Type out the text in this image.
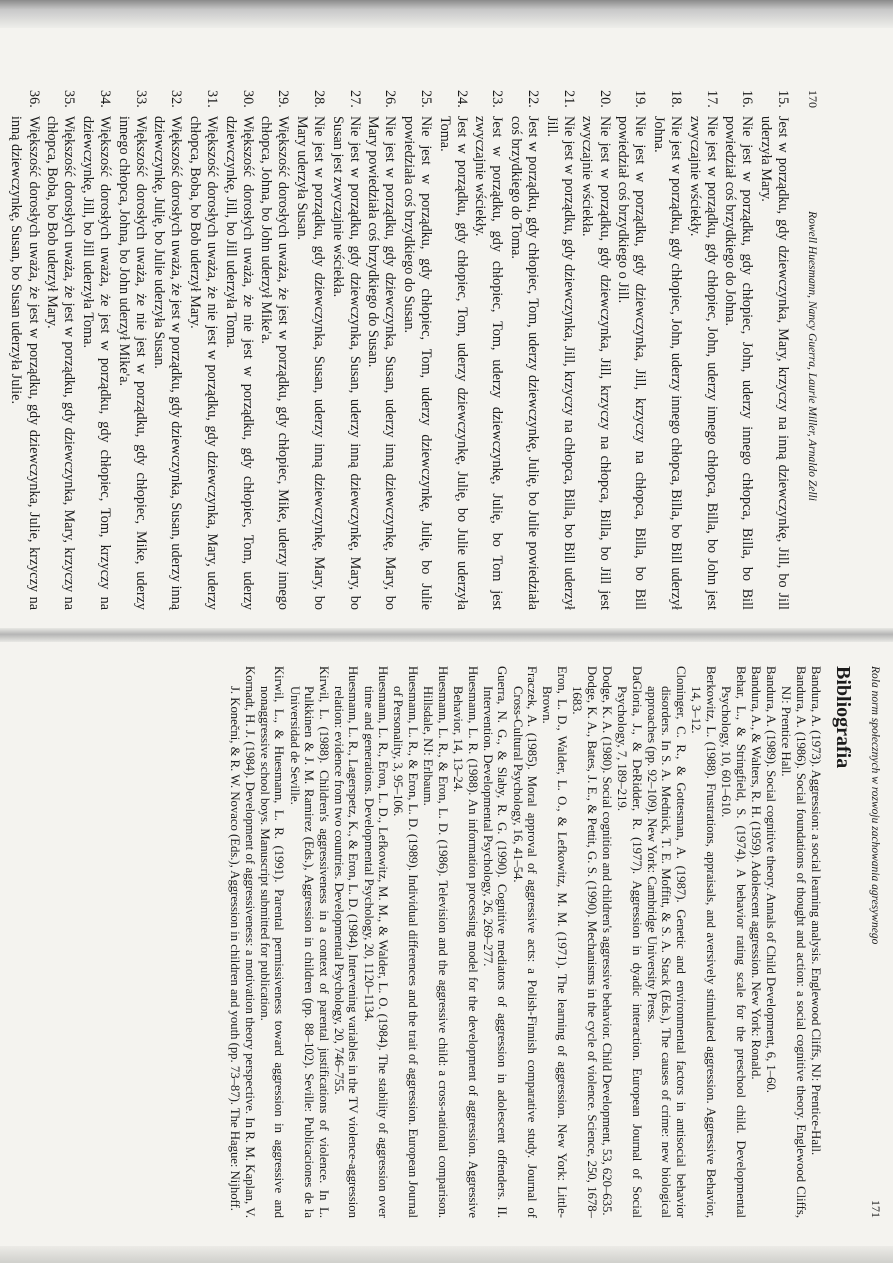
170
Rowell Huesmann, Nancy Guerra, Laurie Miller, Arnaldo Zelli
15.
Jest w porządku, gdy dziewczynka, Mary, krzyczy na inną dziewczynkę, Jill, bo Jill uderzyła Mary.
16.
Nie jest w porządku, gdy chłopiec, John, uderzy innego chłopca, Billa, bo Bill powiedział coś brzydkiego do Johna.
17.
Nie jest w porządku, gdy chłopiec, John, uderzy innego chłopca, Billa, bo John jest zwyczajnie wściekły.
18.
Nie jest w porządku, gdy chłopiec, John, uderzy innego chłopca, Billa, bo Bill uderzył Johna.
19.
Nie jest w porządku, gdy dziewczynka, Jill, krzyczy na chłopca, Billa, bo Bill powiedział coś brzydkiego o Jill.
20.
Nie jest w porządku, gdy dziewczynka, Jill, krzyczy na chłopca, Billa, bo Jill jest zwyczajnie wściekła.
21.
Nie jest w porządku, gdy dziewczynka, Jill, krzyczy na chłopca, Billa, bo Bill uderzył Jill.
22.
Jest w porządku, gdy chłopiec, Tom, uderzy dziewczynkę, Julię, bo Julie powiedziała coś brzydkiego do Toma.
23.
Jest w porządku, gdy chłopiec, Tom, uderzy dziewczynkę, Julię, bo Tom jest zwyczajnie wściekły.
24.
Jest w porządku, gdy chłopiec, Tom, uderzy dziewczynkę, Julię, bo Julie uderzyła Toma.
25.
Nie jest w porządku, gdy chłopiec, Tom, uderzy dziewczynkę, Julię, bo Julie powiedziała coś brzydkiego do Susan.
26.
Nie jest w porządku, gdy dziewczynka, Susan, uderzy inną dziewczynkę, Mary, bo Mary powiedziała coś brzydkiego do Susan.
27.
Nie jest w porządku, gdy dziewczynka, Susan, uderzy inną dziewczynkę, Mary, bo Susan jest zwyczajnie wściekła.
28.
Nie jest w porządku, gdy dziewczynka, Susan, uderzy inną dziewczynkę, Mary, bo Mary uderzyła Susan.
29.
Większość dorosłych uważa, że jest w porządku, gdy chłopiec, Mike, uderzy innego chłopca, Johna, bo John uderzył Mike'a.
30.
Większość dorosłych uważa, że nie jest w porządku, gdy chłopiec, Tom, uderzy dziewczynkę, Jill, bo Jill uderzyła Toma.
31.
Większość dorosłych uważa, że nie jest w porządku, gdy dziewczynka, Mary, uderzy chłopca, Boba, bo Bob uderzył Mary.
32.
Większość dorosłych uważa, że jest w porządku, gdy dziewczynka, Susan, uderzy inną dziewczynkę, Julię, bo Julie uderzyła Susan.
33.
Większość dorosłych uważa, że nie jest w porządku, gdy chłopiec, Mike, uderzy innego chłopca, Johna, bo John uderzył Mike'a.
34.
Większość dorosłych uważa, że jest w porządku, gdy chłopiec, Tom, krzyczy na dziewczynkę, Jill, bo Jill uderzyła Toma.
35.
Większość dorosłych uważa, że jest w porządku, gdy dziewczynka, Mary, krzyczy na chłopca, Boba, bo Bob uderzył Mary.
36.
Większość dorosłych uważa, że jest w porządku, gdy dziewczynka, Julie, krzyczy na inną dziewczynkę, Susan, bo Susan uderzyła Julie.
Rola norm społecznych w rozwoju zachowania agresywnego
171
Bibliografia

Bandura, A. (1973). Aggression: a social learning analysis. Englewood Cliffs, NJ: Prentice-Hall.

Bandura, A. (1986). Social foundations of thought and action: a social cognitive theory. Englewood Cliffs, NJ: Prentice Hall.

Bandura, A. (1989). Social cognitive theory. Annals of Child Development, 6, 1–60.

Bandura, A., & Walters, R. H. (1959). Adolescent aggression. New York: Ronald.

Behar, L., & Stringfield, S. (1974). A behavior rating scale for the preschool child. Developmental Psychology, 10, 601–610.

Berkowitz, L. (1988). Frustrations, appraisals, and aversively stimulated aggression. Aggressive Behavior, 14, 3–12.

Cloninger, C. R., & Gottesman, A. (1987). Genetic and environmental factors in antisocial behavior disorders. In S. A. Mednick, T. E. Moffitt, & S. A. Stack (Eds.), The causes of crime: new biological approaches (pp. 92–109). New York: Cambridge University Press.

DaGloria, J., & DeRidder, R. (1977). Aggression in dyadic interaction. European Journal of Social Psychology, 7, 189–219.

Dodge, K. A. (1980). Social cognition and children's aggressive behavior. Child Development, 53, 620–635.

Dodge, K. A., Bates, J. E., & Pettit, G. S. (1990). Mechanisms in the cycle of violence. Science, 250, 1678–1683.

Eron, L. D., Walder, L. O., & Lefkowitz, M. M. (1971). The learning of aggression. New York: Little-Brown.

Fraczek, A. (1985). Moral approval of aggressive acts: a Polish-Finnish comparative study. Journal of Cross-Cultural Psychology, 16, 41–54.

Guerra, N. G., & Slaby, R. G. (1990). Cognitive mediators of aggression in adolescent offenders. II. Intervention. Developmental Psychology, 26, 269–277.

Huesmann, L. R. (1988). An information processing model for the development of aggression. Aggressive Behavior, 14, 13–24.

Huesmann, L. R., & Eron, L. D. (1986). Television and the aggressive child: a cross-national comparison. Hillsdale, NJ: Erlbaum.

Huesmann, L. R., & Eron, L. D. (1989). Individual differences and the trait of aggression. European Journal of Personality, 3, 95–106.

Huesmann, L. R., Eron, L. D., Lefkowitz, M. M., & Walder, L. O. (1984). The stability of aggression over time and generations. Developmental Psychology, 20, 1120–1134.

Huesmann, L. R., Lagerspetz, K., & Eron, L. D. (1984). Intervening variables in the TV violence-aggression relation: evidence from two countries. Developmental Psychology, 20, 746–755.

Kirwil, L. (1988). Children's aggressiveness in a context of parental justifications of violence. In L. Pulkkinen & J. M. Ramirez (Eds.), Aggression in children (pp. 88–102). Seville: Publicaciones de la Universidad de Seville.

Kirwil, L., & Huesmann, L. R. (1991). Parental permissiveness toward aggression in aggressive and nonaggressive school boys. Manuscript submitted for publication.

Kornadt, H. J. (1984). Development of aggressiveness: a motivation theory perspective. In R. M. Kaplan, V. J. Konečni, & R. W. Novaco (Eds.), Aggression in children and youth (pp. 73–87). The Hague: Nijhoff.
